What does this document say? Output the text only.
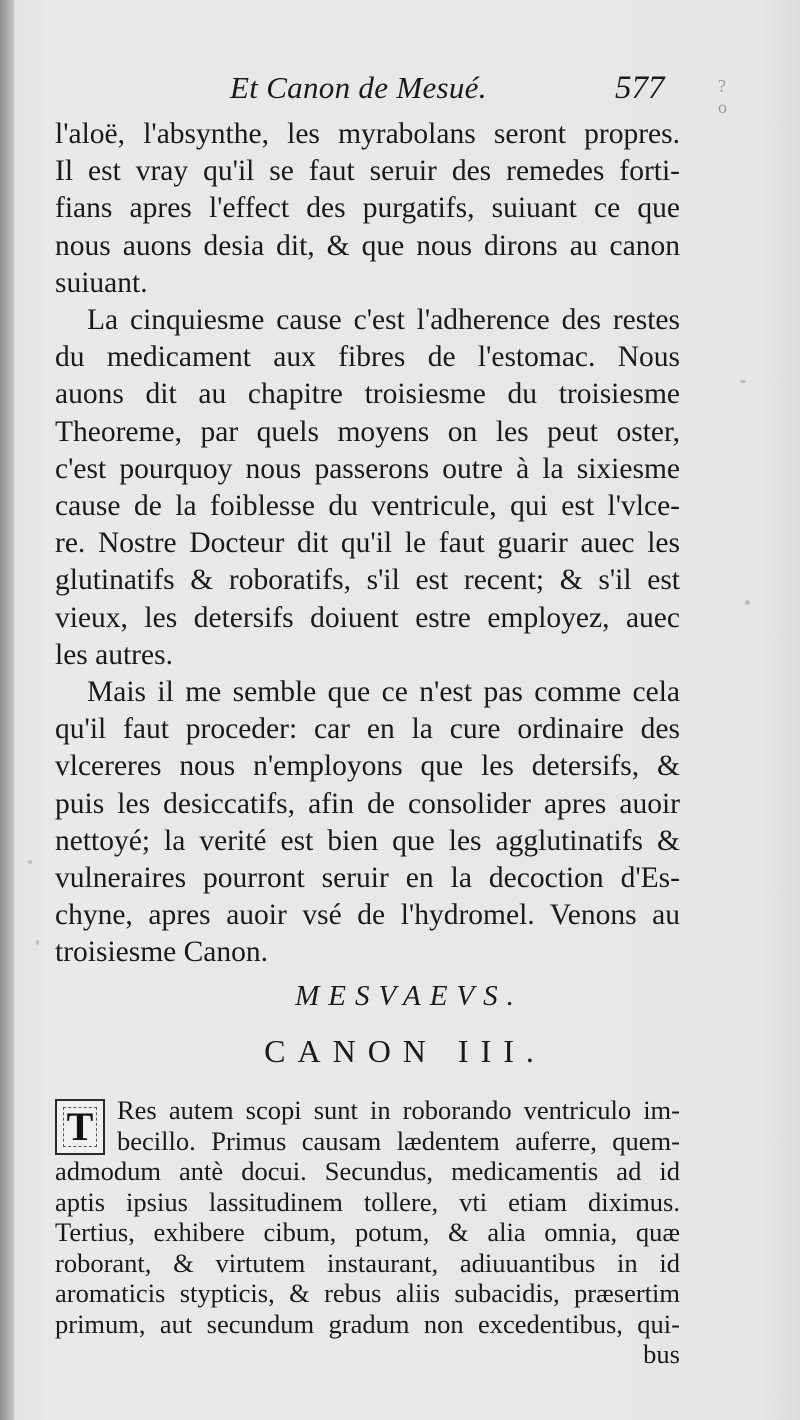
Et Canon de Mesué.	577	?o
l'aloë, l'absynthe, les myrabolans seront propres.
Il est vray qu'il se faut seruir des remedes forti-
fians apres l'effect des purgatifs, suiuant ce que
nous auons desia dit, & que nous dirons au canon
suiuant.
La cinquiesme cause c'est l'adherence des restes
du medicament aux fibres de l'estomac. Nous
auons dit au chapitre troisiesme du troisiesme
Theoreme, par quels moyens on les peut oster,
c'est pourquoy nous passerons outre à la sixiesme
cause de la foiblesse du ventricule, qui est l'vlce-
re. Nostre Docteur dit qu'il le faut guarir auec les
glutinatifs & roboratifs, s'il est recent; & s'il est
vieux, les detersifs doiuent estre employez, auec
les autres.
Mais il me semble que ce n'est pas comme cela
qu'il faut proceder: car en la cure ordinaire des
vlcereres nous n'employons que les detersifs, &
puis les desiccatifs, afin de consolider apres auoir
nettoyé; la verité est bien que les agglutinatifs &
vulneraires pourront seruir en la decoction d'Es-
chyne, apres auoir vsé de l'hydromel. Venons au
troisiesme Canon.
MESVAEVS.
CANON III.
T Res autem scopi sunt in roborando ventriculo im-
becillo. Primus causam lædentem auferre, quem-
admodum antè docui. Secundus, medicamentis ad id
aptis ipsius lassitudinem tollere, vti etiam diximus.
Tertius, exhibere cibum, potum, & alia omnia, quæ
roborant, & virtutem instaurant, adiuuantibus in id
aromaticis stypticis, & rebus aliis subacidis, præsertim
primum, aut secundum gradum non excedentibus, qui-
bus
